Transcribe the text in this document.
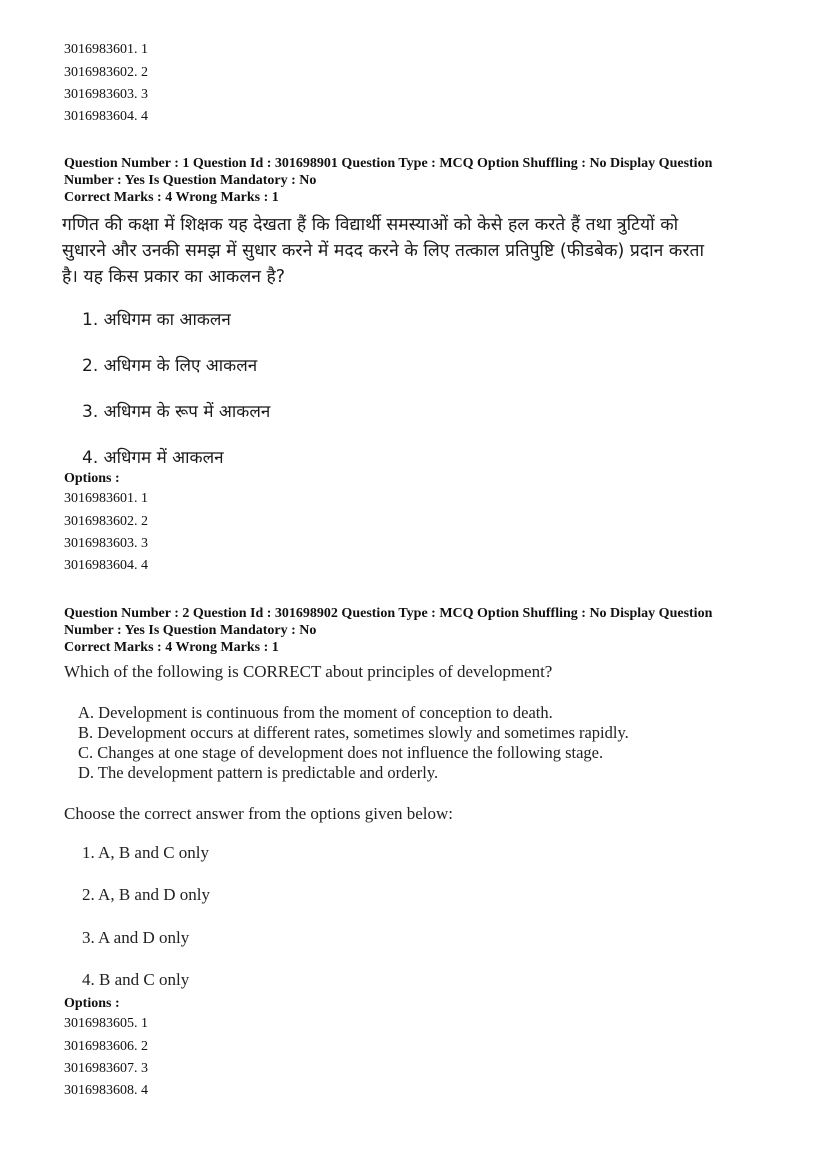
3016983601. 1
3016983602. 2
3016983603. 3
3016983604. 4
Question Number : 1 Question Id : 301698901 Question Type : MCQ Option Shuffling : No Display Question
Number : Yes Is Question Mandatory : No
Correct Marks : 4 Wrong Marks : 1
गणित की कक्षा में शिक्षक यह देखता हैं कि विद्यार्थी समस्याओं को केसे हल करते हैं तथा त्रुटियों को
सुधारने और उनकी समझ में सुधार करने में मदद करने के लिए तत्काल प्रतिपुष्टि (फीडबेक) प्रदान करता
है। यह किस प्रकार का आकलन है?
1. अधिगम का आकलन
2. अधिगम के लिए आकलन
3. अधिगम के रूप में आकलन
4. अधिगम में आकलन
Options :
3016983601. 1
3016983602. 2
3016983603. 3
3016983604. 4
Question Number : 2 Question Id : 301698902 Question Type : MCQ Option Shuffling : No Display Question
Number : Yes Is Question Mandatory : No
Correct Marks : 4 Wrong Marks : 1
Which of the following is CORRECT about principles of development?
A. Development is continuous from the moment of conception to death.
B. Development occurs at different rates, sometimes slowly and sometimes rapidly.
C. Changes at one stage of development does not influence the following stage.
D. The development pattern is predictable and orderly.
Choose the correct answer from the options given below:
1. A, B and C only
2. A, B and D only
3. A and D only
4. B and C only
Options :
3016983605. 1
3016983606. 2
3016983607. 3
3016983608. 4
